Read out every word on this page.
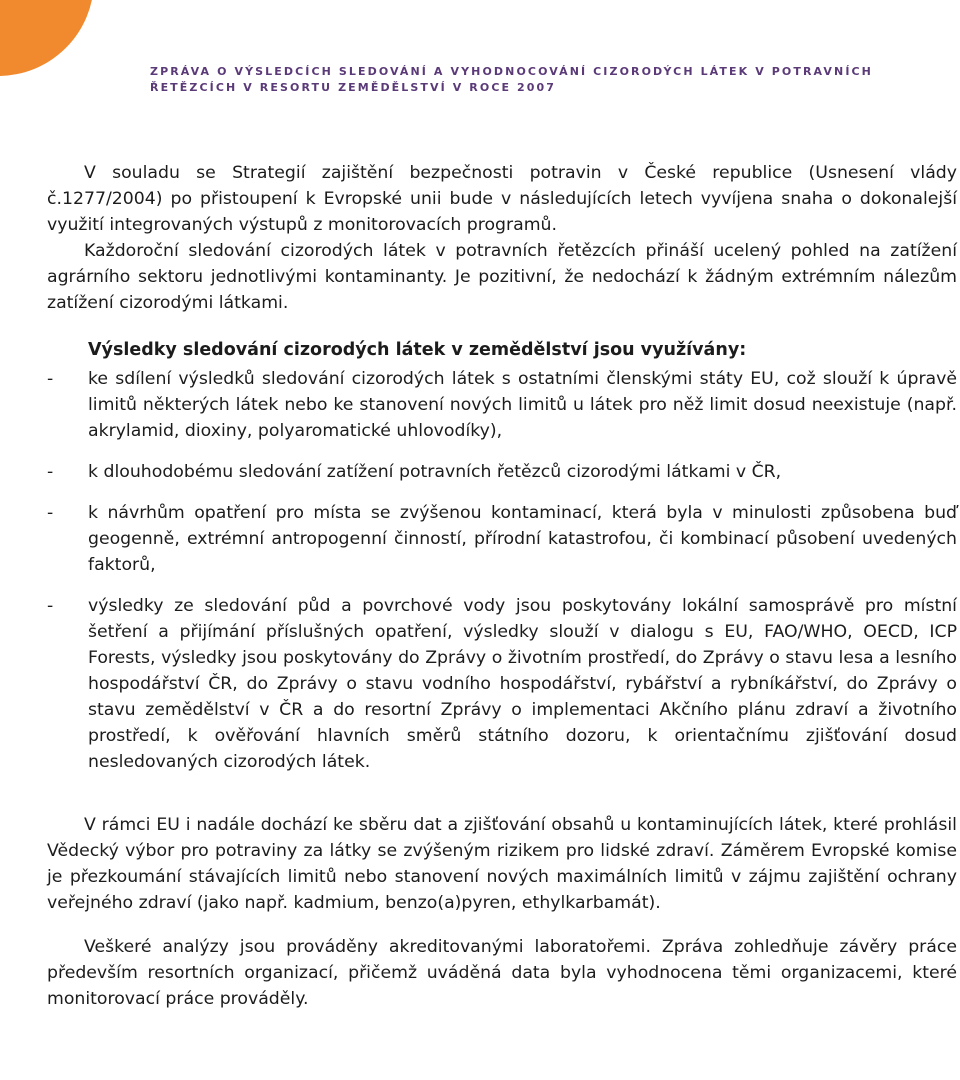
6	ZPRÁVA O VÝSLEDCÍCH SLEDOVÁNÍ A VYHODNOCOVÁNÍ CIZORODÝCH LÁTEK V POTRAVNÍCH
ŘETĚZCÍCH V RESORTU ZEMĚDĚLSTVÍ V ROCE 2007

V souladu se Strategií zajištění bezpečnosti potravin v České republice (Usnesení vlády č.1277/2004) po přistoupení k Evropské unii bude v následujících letech vyvíjena snaha o dokonalejší využití integrovaných výstupů z monitorovacích programů.

Každoroční sledování cizorodých látek v potravních řetězcích přináší ucelený pohled na zatížení agrárního sektoru jednotlivými kontaminanty. Je pozitivní, že nedochází k žádným extrémním nálezům zatížení cizorodými látkami.

Výsledky sledování cizorodých látek v zemědělství jsou využívány:
- ke sdílení výsledků sledování cizorodých látek s ostatními členskými státy EU, což slouží k úpravě limitů některých látek nebo ke stanovení nových limitů u látek pro něž limit dosud neexistuje (např. akrylamid, dioxiny, polyaromatické uhlovodíky),
- k dlouhodobému sledování zatížení potravních řetězců cizorodými látkami v ČR,
- k návrhům opatření pro místa se zvýšenou kontaminací, která byla v minulosti způsobena buď geogenně, extrémní antropogenní činností, přírodní katastrofou, či kombinací působení uvedených faktorů,
- výsledky ze sledování půd a povrchové vody jsou poskytovány lokální samosprávě pro místní šetření a přijímání příslušných opatření, výsledky slouží v dialogu s EU, FAO/WHO, OECD, ICP Forests, výsledky jsou poskytovány do Zprávy o životním prostředí, do Zprávy o stavu lesa a lesního hospodářství ČR, do Zprávy o stavu vodního hospodářství, rybářství a rybníkářství, do Zprávy o stavu zemědělství v ČR a do resortní Zprávy o implementaci Akčního plánu zdraví a životního prostředí, k ověřování hlavních směrů státního dozoru, k orientačnímu zjišťování dosud nesledovaných cizorodých látek.

V rámci EU i nadále dochází ke sběru dat a zjišťování obsahů u kontaminujících látek, které prohlásil Vědecký výbor pro potraviny za látky se zvýšeným rizikem pro lidské zdraví. Záměrem Evropské komise je přezkoumání stávajících limitů nebo stanovení nových maximálních limitů v zájmu zajištění ochrany veřejného zdraví (jako např. kadmium, benzo(a)pyren, ethylkarbamát).

Veškeré analýzy jsou prováděny akreditovanými laboratořemi. Zpráva zohledňuje závěry práce především resortních organizací, přičemž uváděná data byla vyhodnocena těmi organizacemi, které monitorovací práce prováděly.
